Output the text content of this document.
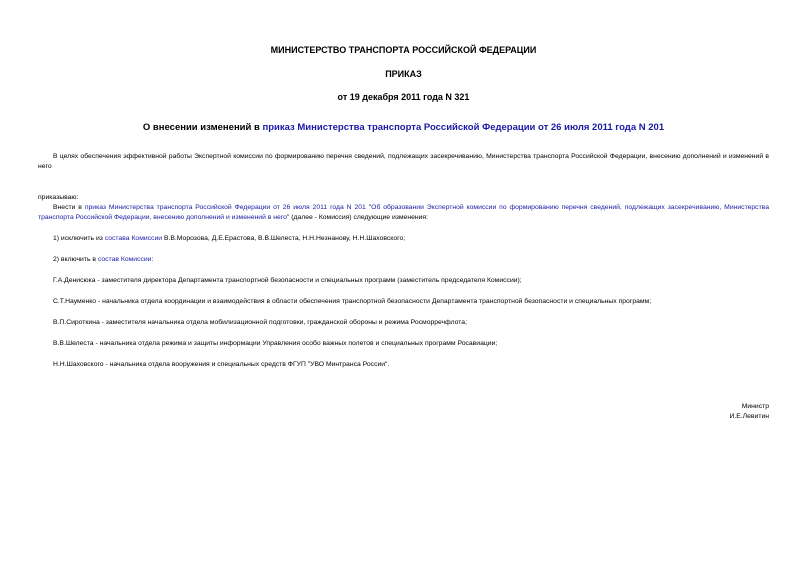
МИНИСТЕРСТВО ТРАНСПОРТА РОССИЙСКОЙ ФЕДЕРАЦИИ
ПРИКАЗ
от 19 декабря 2011 года N 321
О внесении изменений в приказ Министерства транспорта Российской Федерации от 26 июля 2011 года N 201
В целях обеспечения эффективной работы Экспертной комиссии по формированию перечня сведений, подлежащих засекречиванию, Министерства транспорта Российской Федерации, внесению дополнений и изменений в него
приказываю:
Внести в приказ Министерства транспорта Российской Федерации от 26 июля 2011 года N 201 "Об образовании Экспертной комиссии по формированию перечня сведений, подлежащих засекречиванию, Министерства транспорта Российской Федерации, внесению дополнений и изменений в него" (далее - Комиссия) следующие изменения:
1) исключить из состава Комиссии В.В.Морозова, Д.Е.Ерастова, В.В.Шелеста, Н.Н.Незнанову, Н.Н.Шаховского;
2) включить в состав Комиссии:
Г.А.Денисюка - заместителя директора Департамента транспортной безопасности и специальных программ (заместитель председателя Комиссии);
С.Т.Науменко - начальника отдела координации и взаимодействия в области обеспечения транспортной безопасности Департамента транспортной безопасности и специальных программ;
В.П.Сироткина - заместителя начальника отдела мобилизационной подготовки, гражданской обороны и режима Росморречфлота;
В.В.Шелеста - начальника отдела режима и защиты информации Управления особо важных полетов и специальных программ Росавиации;
Н.Н.Шаховского - начальника отдела вооружения и специальных средств ФГУП "УВО Минтранса России".
Министр
И.Е.Левитин
